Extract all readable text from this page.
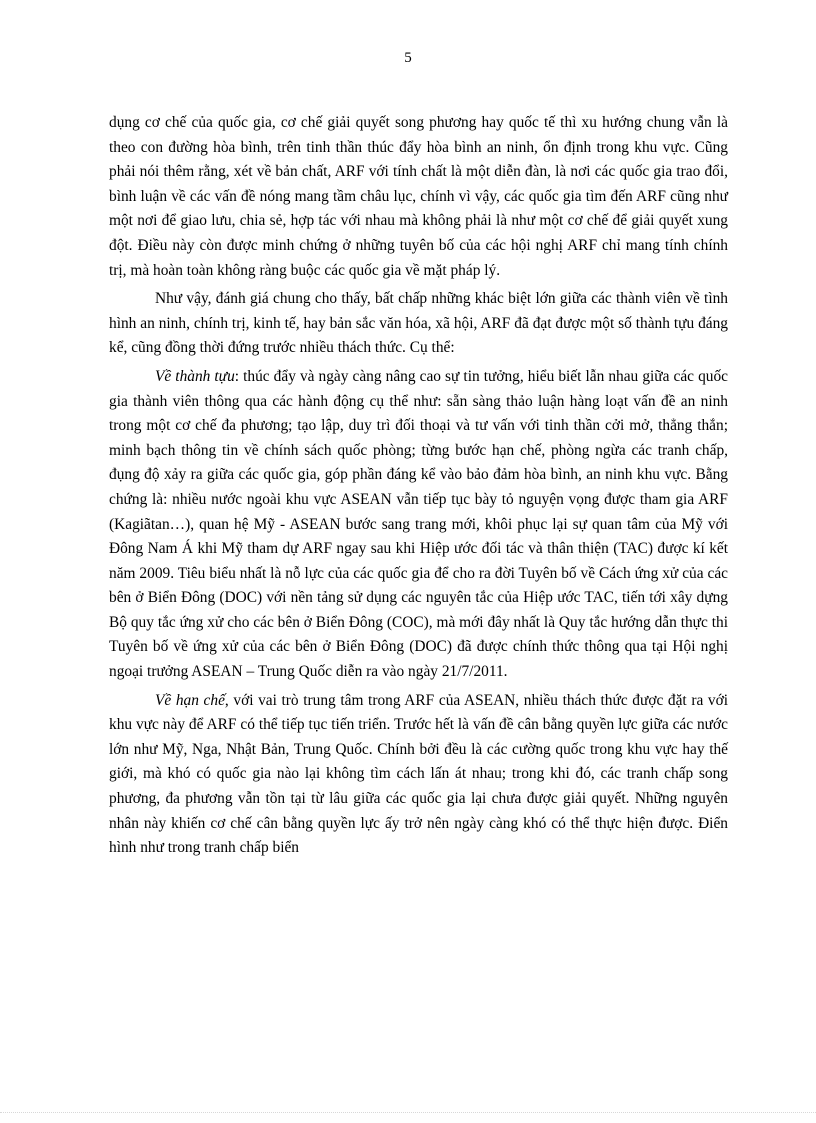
5

dụng cơ chế của quốc gia, cơ chế giải quyết song phương hay quốc tế thì xu hướng chung vẫn là theo con đường hòa bình, trên tinh thần thúc đẩy hòa bình an ninh, ổn định trong khu vực. Cũng phải nói thêm rằng, xét về bản chất, ARF với tính chất là một diễn đàn, là nơi các quốc gia trao đổi, bình luận về các vấn đề nóng mang tầm châu lục, chính vì vậy, các quốc gia tìm đến ARF cũng như một nơi để giao lưu, chia sẻ, hợp tác với nhau mà không phải là như một cơ chế để giải quyết xung đột. Điều này còn được minh chứng ở những tuyên bố của các hội nghị ARF chỉ mang tính chính trị, mà hoàn toàn không ràng buộc các quốc gia về mặt pháp lý.

Như vậy, đánh giá chung cho thấy, bất chấp những khác biệt lớn giữa các thành viên về tình hình an ninh, chính trị, kinh tế, hay bản sắc văn hóa, xã hội, ARF đã đạt được một số thành tựu đáng kể, cũng đồng thời đứng trước nhiều thách thức. Cụ thể:

Về thành tựu: thúc đẩy và ngày càng nâng cao sự tin tưởng, hiểu biết lẫn nhau giữa các quốc gia thành viên thông qua các hành động cụ thể như: sẵn sàng thảo luận hàng loạt vấn đề an ninh trong một cơ chế đa phương; tạo lập, duy trì đối thoại và tư vấn với tinh thần cởi mở, thẳng thắn; minh bạch thông tin về chính sách quốc phòng; từng bước hạn chế, phòng ngừa các tranh chấp, đụng độ xảy ra giữa các quốc gia, góp phần đáng kể vào bảo đảm hòa bình, an ninh khu vực. Bằng chứng là: nhiều nước ngoài khu vực ASEAN vẫn tiếp tục bày tỏ nguyện vọng được tham gia ARF (Kagiãtan…), quan hệ Mỹ - ASEAN bước sang trang mới, khôi phục lại sự quan tâm của Mỹ với Đông Nam Á khi Mỹ tham dự ARF ngay sau khi Hiệp ước đối tác và thân thiện (TAC) được kí kết năm 2009. Tiêu biểu nhất là nỗ lực của các quốc gia để cho ra đời Tuyên bố về Cách ứng xử của các bên ở Biển Đông (DOC) với nền tảng sử dụng các nguyên tắc của Hiệp ước TAC, tiến tới xây dựng Bộ quy tắc ứng xử cho các bên ở Biển Đông (COC), mà mới đây nhất là Quy tắc hướng dẫn thực thi Tuyên bố về ứng xử của các bên ở Biển Đông (DOC) đã được chính thức thông qua tại Hội nghị ngoại trưởng ASEAN – Trung Quốc diễn ra vào ngày 21/7/2011.

Về hạn chế, với vai trò trung tâm trong ARF của ASEAN, nhiều thách thức được đặt ra với khu vực này để ARF có thể tiếp tục tiến triển. Trước hết là vấn đề cân bằng quyền lực giữa các nước lớn như Mỹ, Nga, Nhật Bản, Trung Quốc. Chính bởi đều là các cường quốc trong khu vực hay thế giới, mà khó có quốc gia nào lại không tìm cách lấn át nhau; trong khi đó, các tranh chấp song phương, đa phương vẫn tồn tại từ lâu giữa các quốc gia lại chưa được giải quyết. Những nguyên nhân này khiến cơ chế cân bằng quyền lực ấy trở nên ngày càng khó có thể thực hiện được. Điển hình như trong tranh chấp biển
